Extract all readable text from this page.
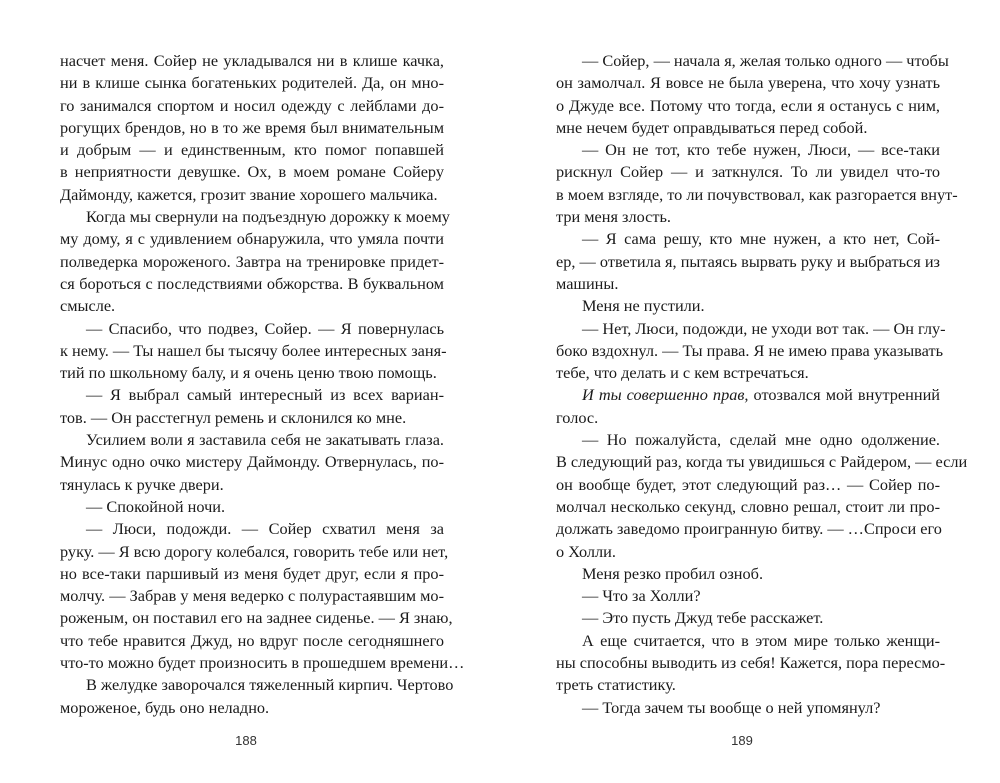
насчет меня. Сойер не укладывался ни в клише качка,
ни в клише сынка богатеньких родителей. Да, он мно-
го занимался спортом и носил одежду с лейблами до-
рогущих брендов, но в то же время был внимательным
и добрым — и единственным, кто помог попавшей
в неприятности девушке. Ох, в моем романе Сойеру
Даймонду, кажется, грозит звание хорошего мальчика.
Когда мы свернули на подъездную дорожку к моему
му дому, я с удивлением обнаружила, что умяла почти
полведерка мороженого. Завтра на тренировке придет-
ся бороться с последствиями обжорства. В буквальном
смысле.
— Спасибо, что подвез, Сойер. — Я повернулась
к нему. — Ты нашел бы тысячу более интересных заня-
тий по школьному балу, и я очень ценю твою помощь.
— Я выбрал самый интересный из всех вариан-
тов. — Он расстегнул ремень и склонился ко мне.
Усилием воли я заставила себя не закатывать глаза.
Минус одно очко мистеру Даймонду. Отвернулась, по-
тянулась к ручке двери.
— Спокойной ночи.
— Люси, подожди. — Сойер схватил меня за
руку. — Я всю дорогу колебался, говорить тебе или нет,
но все-таки паршивый из меня будет друг, если я про-
молчу. — Забрав у меня ведерко с полурастаявшим мо-
роженым, он поставил его на заднее сиденье. — Я знаю,
что тебе нравится Джуд, но вдруг после сегодняшнего
что-то можно будет произносить в прошедшем времени…
В желудке заворочался тяжеленный кирпич. Чертово
мороженое, будь оно неладно.
188
— Сойер, — начала я, желая только одного — чтобы
он замолчал. Я вовсе не была уверена, что хочу узнать
о Джуде все. Потому что тогда, если я останусь с ним,
мне нечем будет оправдываться перед собой.
— Он не тот, кто тебе нужен, Люси, — все-таки
рискнул Сойер — и заткнулся. То ли увидел что-то
в моем взгляде, то ли почувствовал, как разгорается внут-
три меня злость.
— Я сама решу, кто мне нужен, а кто нет, Сой-
ер, — ответила я, пытаясь вырвать руку и выбраться из
машины.
Меня не пустили.
— Нет, Люси, подожди, не уходи вот так. — Он глу-
боко вздохнул. — Ты права. Я не имею права указывать
тебе, что делать и с кем встречаться.
И ты совершенно прав, отозвался мой внутренний
голос.
— Но пожалуйста, сделай мне одно одолжение.
В следующий раз, когда ты увидишься с Райдером, — если
он вообще будет, этот следующий раз… — Сойер по-
молчал несколько секунд, словно решал, стоит ли про-
должать заведомо проигранную битву. — …Спроси его
о Холли.
Меня резко пробил озноб.
— Что за Холли?
— Это пусть Джуд тебе расскажет.
А еще считается, что в этом мире только женщи-
ны способны выводить из себя! Кажется, пора пересмо-
треть статистику.
— Тогда зачем ты вообще о ней упомянул?
189
